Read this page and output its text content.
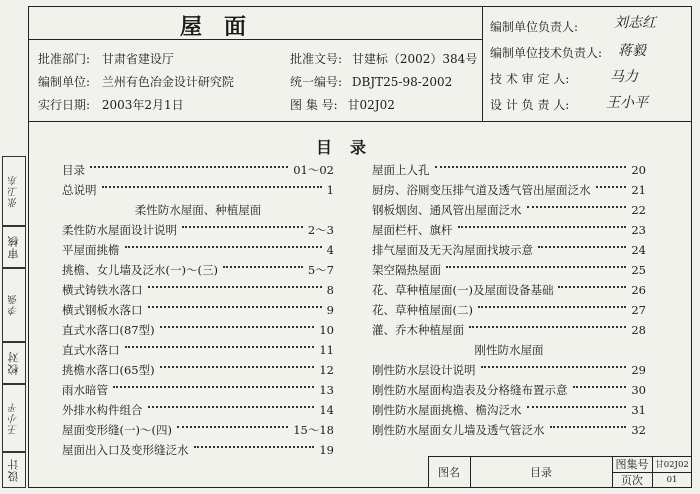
设计
王小平
校对
李强
审核
张卫东
屋面
批准部门: 甘肃省建设厅
编制单位: 兰州有色冶金设计研究院
实行日期: 2003年2月1日
批准文号: 甘建标（2002）384号
统一编号: DBJT25-98-2002
图 集 号: 甘02J02
编制单位负责人:	刘志红
编制单位技术负责人: 蒋毅
技 术 审 定 人:	马力
设 计 负 责 人:	王小平
目录
目录	01～02
总说明	1
柔性防水屋面、种植屋面
柔性防水屋面设计说明	2～3
平屋面挑檐	4
挑檐、女儿墙及泛水(一)～(三)	5～7
横式铸铁水落口	8
横式钢板水落口	9
直式水落口(87型)	10
直式水落口	11
挑檐水落口(65型)	12
雨水暗管	13
外排水构件组合	14
屋面变形缝(一)～(四)	15～18
屋面出入口及变形缝泛水	19
屋面上人孔	20
厨房、浴厕变压排气道及透气管出屋面泛水	21
钢板烟囱、通风管出屋面泛水	22
屋面栏杆、旗杆	23
排气屋面及无天沟屋面找坡示意	24
架空隔热屋面	25
花、草种植屋面(一)及屋面设备基础	26
花、草种植屋面(二)	27
灌、乔木种植屋面	28
刚性防水屋面
刚性防水层设计说明	29
刚性防水屋面构造表及分格缝布置示意	30
刚性防水屋面挑檐、檐沟泛水	31
刚性防水屋面女儿墙及透气管泛水	32
图名	目录
图集号 甘02J02
页次	01
